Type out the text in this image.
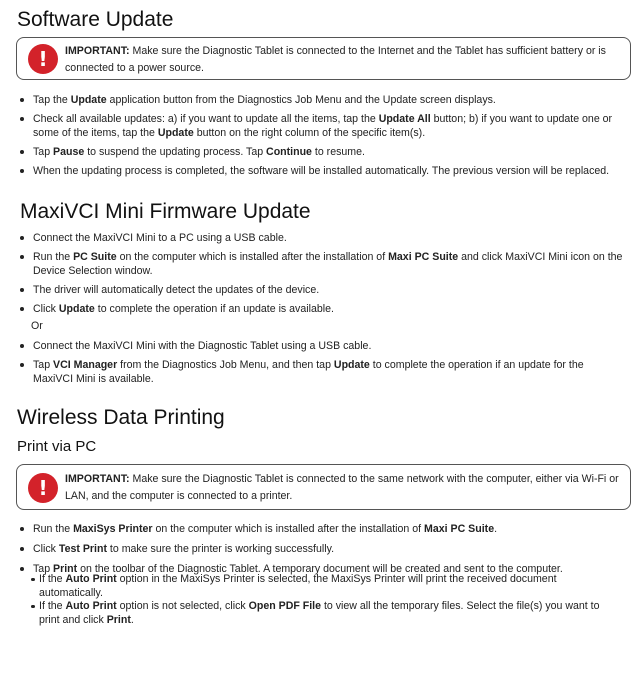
Software Update
!	IMPORTANT: Make sure the Diagnostic Tablet is connected to the Internet and the Tablet has sufficient battery or is connected to a power source.
Tap the Update application button from the Diagnostics Job Menu and the Update screen displays.
Check all available updates: a) if you want to update all the items, tap the Update All button; b) if you want to update one or some of the items, tap the Update button on the right column of the specific item(s).
Tap Pause to suspend the updating process. Tap Continue to resume.
When the updating process is completed, the software will be installed automatically. The previous version will be replaced.
MaxiVCI Mini Firmware Update
Connect the MaxiVCI Mini to a PC using a USB cable.
Run the PC Suite on the computer which is installed after the installation of Maxi PC Suite and click MaxiVCI Mini icon on the Device Selection window.
The driver will automatically detect the updates of the device.
Click Update to complete the operation if an update is available.
Or
Connect the MaxiVCI Mini with the Diagnostic Tablet using a USB cable.
Tap VCI Manager from the Diagnostics Job Menu, and then tap Update to complete the operation if an update for the MaxiVCI Mini is available.
Wireless Data Printing
Print via PC
!	IMPORTANT: Make sure the Diagnostic Tablet is connected to the same network with the computer, either via Wi-Fi or LAN, and the computer is connected to a printer.
Run the MaxiSys Printer on the computer which is installed after the installation of Maxi PC Suite.
Click Test Print to make sure the printer is working successfully.
Tap Print on the toolbar of the Diagnostic Tablet. A temporary document will be created and sent to the computer.
If the Auto Print option in the MaxiSys Printer is selected, the MaxiSys Printer will print the received document automatically.
If the Auto Print option is not selected, click Open PDF File to view all the temporary files. Select the file(s) you want to print and click Print.
